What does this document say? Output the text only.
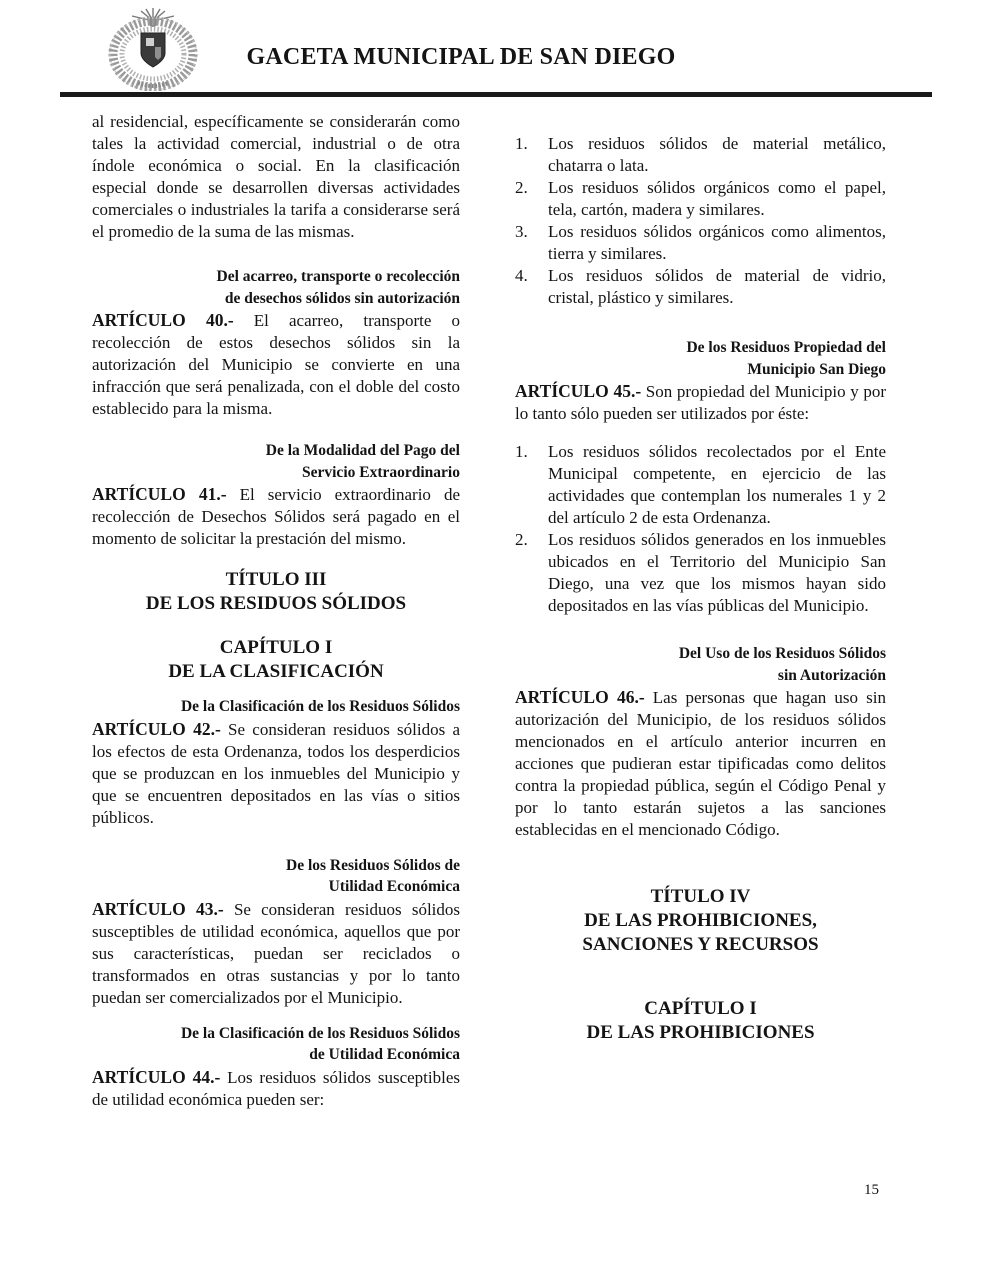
GACETA MUNICIPAL DE SAN DIEGO

al residencial, específicamente se considerarán como tales la actividad comercial, industrial o de otra índole económica o social. En la clasificación especial donde se desarrollen diversas actividades comerciales o industriales la tarifa a considerarse será el promedio de la suma de las mismas.

Del acarreo, transporte o recolección
de desechos sólidos sin autorización

ARTÍCULO 40.- El acarreo, transporte o recolección de estos desechos sólidos sin la autorización del Municipio se convierte en una infracción que será penalizada, con el doble del costo establecido para la misma.

De la Modalidad del Pago del
Servicio Extraordinario

ARTÍCULO 41.- El servicio extraordinario de recolección de Desechos Sólidos será pagado en el momento de solicitar la prestación del mismo.

TÍTULO III
DE LOS RESIDUOS SÓLIDOS
CAPÍTULO I
DE LA CLASIFICACIÓN
De la Clasificación de los Residuos Sólidos

ARTÍCULO 42.- Se consideran residuos sólidos a los efectos de esta Ordenanza, todos los desperdicios que se produzcan en los inmuebles del Municipio y que se encuentren depositados en las vías o sitios públicos.

De los Residuos Sólidos de
Utilidad Económica

ARTÍCULO 43.- Se consideran residuos sólidos susceptibles de utilidad económica, aquellos que por sus características, puedan ser reciclados o transformados en otras sustancias y por lo tanto puedan ser comercializados por el Municipio.

De la Clasificación de los Residuos Sólidos
de Utilidad Económica

ARTÍCULO 44.- Los residuos sólidos susceptibles de utilidad económica pueden ser:

1.	Los residuos sólidos de material metálico, chatarra o lata.
2.	Los residuos sólidos orgánicos como el papel, tela, cartón, madera y similares.
3.	Los residuos sólidos orgánicos como alimentos, tierra y similares.
4.	Los residuos sólidos de material de vidrio, cristal, plástico y similares.
De los Residuos Propiedad del
Municipio San Diego

ARTÍCULO 45.- Son propiedad del Municipio y por lo tanto sólo pueden ser utilizados por éste:

1.	Los residuos sólidos recolectados por el Ente Municipal competente, en ejercicio de las actividades que contemplan los numerales 1 y 2 del artículo 2 de esta Ordenanza.
2.	Los residuos sólidos generados en los inmuebles ubicados en el Territorio del Municipio San Diego, una vez que los mismos hayan sido depositados en las vías públicas del Municipio.
Del Uso de los Residuos Sólidos
sin Autorización

ARTÍCULO 46.- Las personas que hagan uso sin autorización del Municipio, de los residuos sólidos mencionados en el artículo anterior incurren en acciones que pudieran estar tipificadas como delitos contra la propiedad pública, según el Código Penal y por lo tanto estarán sujetos a las sanciones establecidas en el mencionado Código.

TÍTULO IV
DE LAS PROHIBICIONES,
SANCIONES Y RECURSOS
CAPÍTULO I
DE LAS PROHIBICIONES
15
